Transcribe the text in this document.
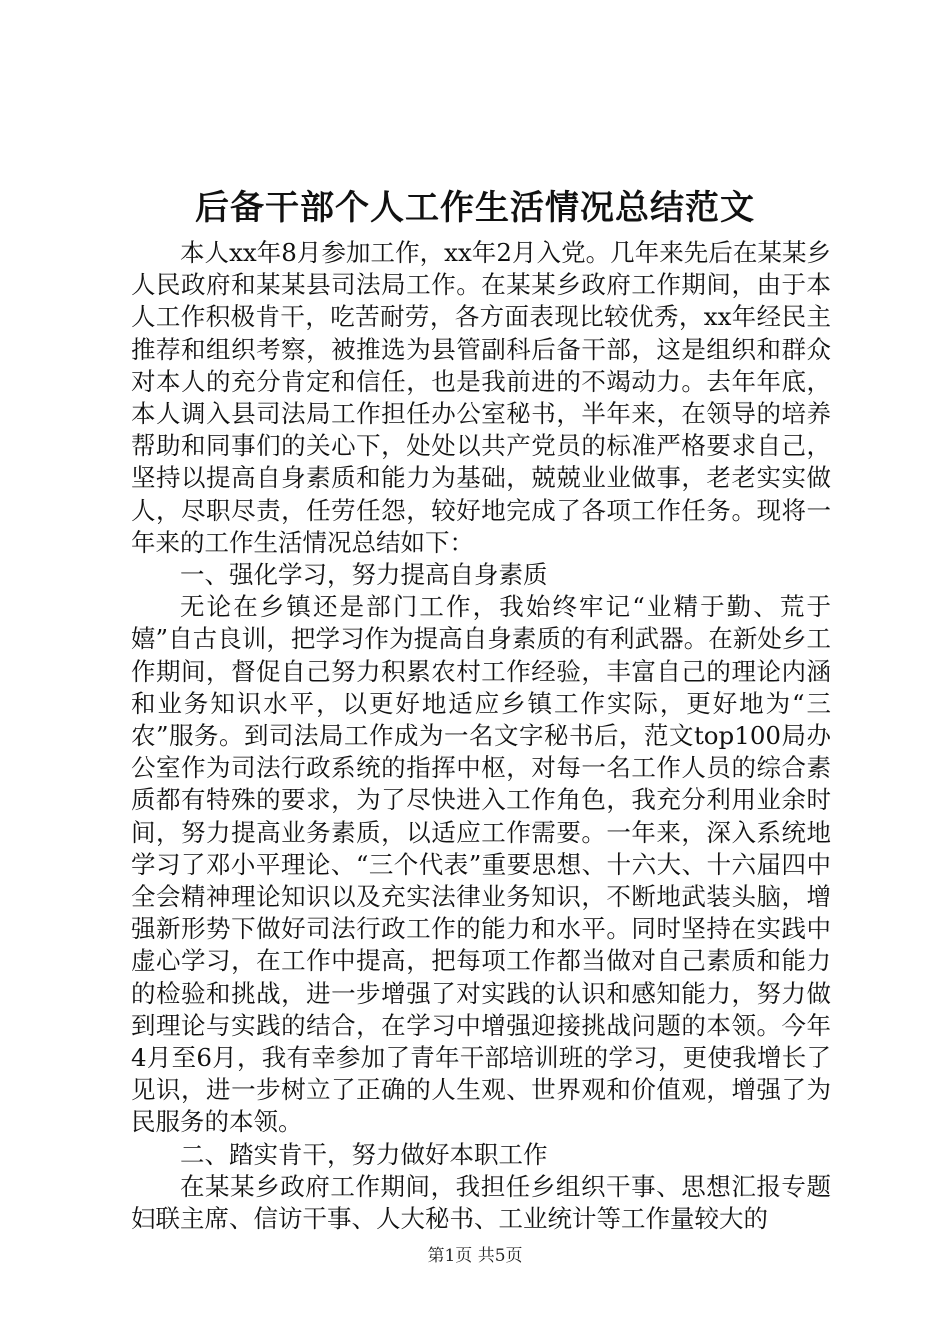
后备干部个人工作生活情况总结范文

本人xx年8月参加工作，xx年2月入党。几年来先后在某某乡人民政府和某某县司法局工作。在某某乡政府工作期间，由于本人工作积极肯干，吃苦耐劳，各方面表现比较优秀，xx年经民主推荐和组织考察，被推选为县管副科后备干部，这是组织和群众对本人的充分肯定和信任，也是我前进的不竭动力。去年年底，本人调入县司法局工作担任办公室秘书，半年来，在领导的培养帮助和同事们的关心下，处处以共产党员的标准严格要求自己，坚持以提高自身素质和能力为基础，兢兢业业做事，老老实实做人，尽职尽责，任劳任怨，较好地完成了各项工作任务。现将一年来的工作生活情况总结如下：

一、强化学习，努力提高自身素质

无论在乡镇还是部门工作，我始终牢记“业精于勤、荒于嬉”自古良训，把学习作为提高自身素质的有利武器。在新处乡工作期间，督促自己努力积累农村工作经验，丰富自己的理论内涵和业务知识水平，以更好地适应乡镇工作实际，更好地为“三农”服务。到司法局工作成为一名文字秘书后，范文top100局办公室作为司法行政系统的指挥中枢，对每一名工作人员的综合素质都有特殊的要求，为了尽快进入工作角色，我充分利用业余时间，努力提高业务素质，以适应工作需要。一年来，深入系统地学习了邓小平理论、“三个代表”重要思想、十六大、十六届四中全会精神理论知识以及充实法律业务知识，不断地武装头脑，增强新形势下做好司法行政工作的能力和水平。同时坚持在实践中虚心学习，在工作中提高，把每项工作都当做对自己素质和能力的检验和挑战，进一步增强了对实践的认识和感知能力，努力做到理论与实践的结合，在学习中增强迎接挑战问题的本领。今年4月至6月，我有幸参加了青年干部培训班的学习，更使我增长了见识，进一步树立了正确的人生观、世界观和价值观，增强了为民服务的本领。

二、踏实肯干，努力做好本职工作

在某某乡政府工作期间，我担任乡组织干事、思想汇报专题妇联主席、信访干事、人大秘书、工业统计等工作量较大的

第1页 共5页
